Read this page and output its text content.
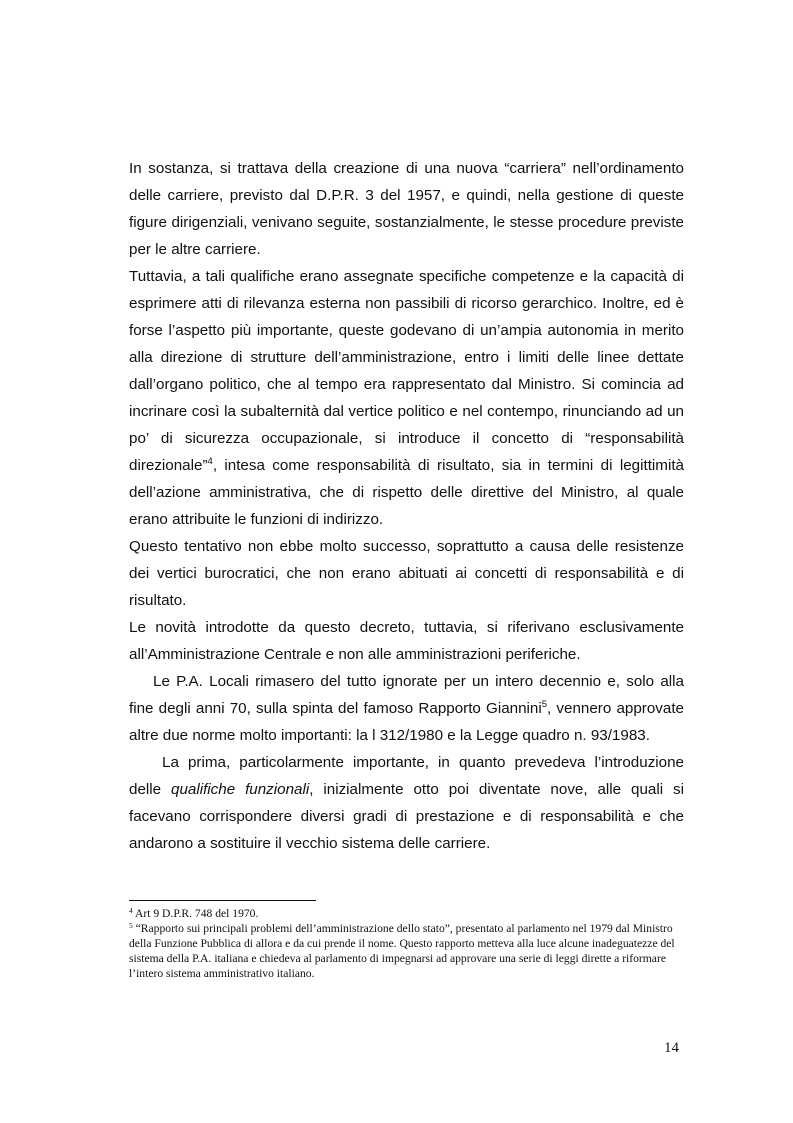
In sostanza, si trattava della creazione di una nuova “carriera” nell’ordinamento delle carriere, previsto dal D.P.R. 3 del 1957, e quindi, nella gestione di queste figure dirigenziali, venivano seguite, sostanzialmente, le stesse procedure previste per le altre carriere.

Tuttavia, a tali qualifiche erano assegnate specifiche competenze e la capacità di esprimere atti di rilevanza esterna non passibili di ricorso gerarchico. Inoltre, ed è forse l’aspetto più importante, queste godevano di un’ampia autonomia in merito alla direzione di strutture dell’amministrazione, entro i limiti delle linee dettate dall’organo politico, che al tempo era rappresentato dal Ministro. Si comincia ad incrinare così la subalternità dal vertice politico e nel contempo, rinunciando ad un po’ di sicurezza occupazionale, si introduce il concetto di “responsabilità direzionale”$^4$, intesa come responsabilità di risultato, sia in termini di legittimità dell’azione amministrativa, che di rispetto delle direttive del Ministro, al quale erano attribuite le funzioni di indirizzo.

Questo tentativo non ebbe molto successo, soprattutto a causa delle resistenze dei vertici burocratici, che non erano abituati ai concetti di responsabilità e di risultato.

Le novità introdotte da questo decreto, tuttavia, si riferivano esclusivamente all’Amministrazione Centrale e non alle amministrazioni periferiche.

Le P.A. Locali rimasero del tutto ignorate per un intero decennio e, solo alla fine degli anni 70, sulla spinta del famoso Rapporto Giannini$^5$, vennero approvate altre due norme molto importanti: la l 312/1980 e la Legge quadro n. 93/1983.

La prima, particolarmente importante, in quanto prevedeva l’introduzione delle qualifiche funzionali, inizialmente otto poi diventate nove, alle quali si facevano corrispondere diversi gradi di prestazione e di responsabilità e che andarono a sostituire il vecchio sistema delle carriere.

$^4$ Art 9 D.P.R. 748 del 1970.

$^5$ “Rapporto sui principali problemi dell’amministrazione dello stato”, presentato al parlamento nel 1979 dal Ministro della Funzione Pubblica di allora e da cui prende il nome. Questo rapporto metteva alla luce alcune inadeguatezze del sistema della P.A. italiana e chiedeva al parlamento di impegnarsi ad approvare una serie di leggi dirette a riformare l’intero sistema amministrativo italiano.

14
